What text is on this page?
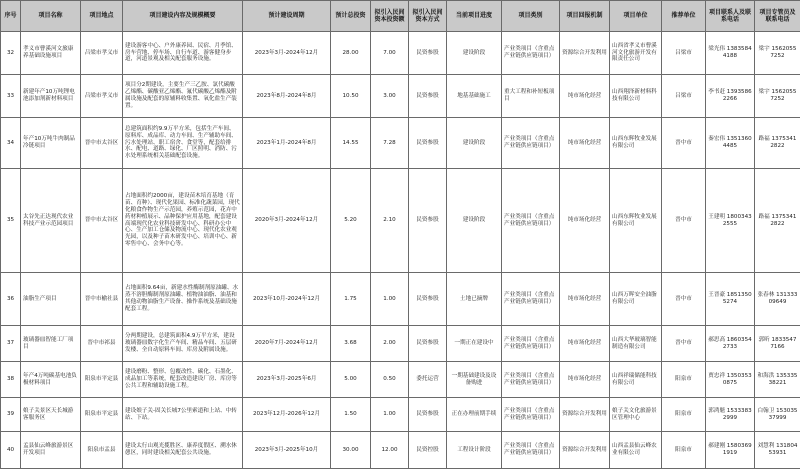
序号	项目名称	项目地点	项目建设内容及规模概要	预计建设周期	预计总投资	拟引入民间资本投资额	拟引入民间资本方式	当前项目进度	项目类别	项目回报机制	项目单位	推荐单位	项目联系人及联系电话	项目专管员及联系电话
32	孝义市曹溪河文旅康养基础设施项目	吕梁市孝义市	建设游客中心、户外康养园、民宿、月季馆、房车营地、停车场、自行车道、游客健身步道，河道景观及相关配套服务设施。	2023年3月-2024年12月	28.00	7.00	民资参股	建设阶段	产业类项目（含重点产业链供应链项目）	资源综合开发利用	山西省孝义市曹溪河文化旅游开发有限责任公司	吕梁市	梁光伟 13835844188	梁宇 15620557252
33	新建年产10万吨锂电池添加剂新材料项目	吕梁市孝义市	项目分2期建设，主要生产三乙胺、氯代碳酸乙烯酯、碳酸亚乙烯酯、氟代碳酸乙烯酯及附属设施及配套的原辅料收集置、氧化盐生产装置。	2023年8月-2024年8月	10.50	3.00	民资参股	地基基础施工	重大工程和补短板项目	纯市场化经营	山西翔泽新材料科技有限公司	吕梁市	李书赶 13935862266	梁宇 15620557252
34	年产10万吨牛肉制品冷链项目	晋中市太谷区	总建筑面积约9.9万平方米，包括生产车间、原料库、成品库、动力车间、生产辅助车间、污水处理站、职工宿舍、食堂等，配套给排水、配电、道路、绿化、厂区照明、消防、污水处理系统相关基础配套设施。	2023年1月-2024年8月	14.55	7.28	民资参股	建设阶段	产业类项目（含重点产业链供应链项目）	纯市场化经营	山西东辉牧业发展有限公司	晋中市	秦宏伟 13513604485	路福 13753412822
35	太谷先正达现代农业科技产业示范园项目	晋中市太谷区	占地面积约2000亩，建设苗木培育基地（育苗、育种）、现代化果园、标准化蔬菜园，现代化粮食作物生产示范园，养殖示范园，花卉中药材种植展示、品种保护应用基地，配套建设高端现代化农业科技研发中心、科研办公中心、生产加工仓储及物流中心、现代化农业观光园，以及种子苗木研发中心、培训中心、新零售中心、会务中心等。	2020年3月-2024年12月	5.20	2.10	民资参股	建设阶段	产业类项目（含重点产业链供应链项目）	纯市场化经营	山西东辉牧业发展有限公司	晋中市	王建明 18003432555	路福 13753412822
36	油脂生产项目	晋中市榆社县	占地面积9.64亩，新建水性酶制剂原油罐、水蒸不溶胆酶制剂原油罐、植物油油脂、油基和其他动物油脂生产设备、操作系统及基础设施配套工程。	2023年10月-2024年12月	1.75	1.00	民资参股	土地已摘牌	产业类项目（含重点产业链供应链项目）	纯市场化经营	山西万晖安全油脂有限公司	晋中市	王晋豪 18513505274	张春林 13133309649
37	玻璃器皿智能工厂项目	晋中市祁县	分两期建设，总建筑面积4.9万平方米，建设玻璃器皿数字化生产车间、精品车间、五层研发楼、全自动原料车间、库房及附属设施。	2020年7月-2024年12月	3.68	2.00	民资参股	一期正在建设中	产业类项目（含重点产业链供应链项目）	纯市场化经营	山西大华玻璃智能制造有限公司	晋中市	郝思高 18603542733	郭昕 18335477166
38	年产4万吨碳基电池负极材料项目	阳泉市平定县	建设磨粉、整形、包覆改性、碳化、石墨化、成品加工等系统，配套改造建设厂房、库房等公共工程和辅助设施工程。	2023年3月-2025年6月	5.00	0.50	委托运营	一期基础建设及设备购进	产业类项目（含重点产业链供应链项目）	纯市场化经营	山西祥瑞储能科技有限公司	阳泉市	贾忠祥 13503530875	和海洪 13533538221
39	娘子关景区天长城游客服务区	阳泉市平定县	建设娘子关-固关长城7公里索道和上站、中转站、下站。	2023年12月-2026年12月	1.50	1.00	民资参股	正在办理前期手续	产业类项目（含重点产业链供应链项目）	资源综合开发利用	娘子关文化旅游景区管理中心	阳泉市	郭鸿魁 15333832999	白翰卫 15303537999
40	孟县仙云峰旅游景区开发项目	阳泉市盂县	建设太行山观光揽胜区、康养度假区、溯水休憩区，同时建设相关配套公共设施。	2023年3月-2025年10月	30.00	12.00	民资控股	工程设计阶段	产业类项目（含重点产业链供应链项目）	资源综合开发利用	山西盂县仙云峰农业有限公司	阳泉市	郝建刚 15803691919	刘慧利 13180453931
